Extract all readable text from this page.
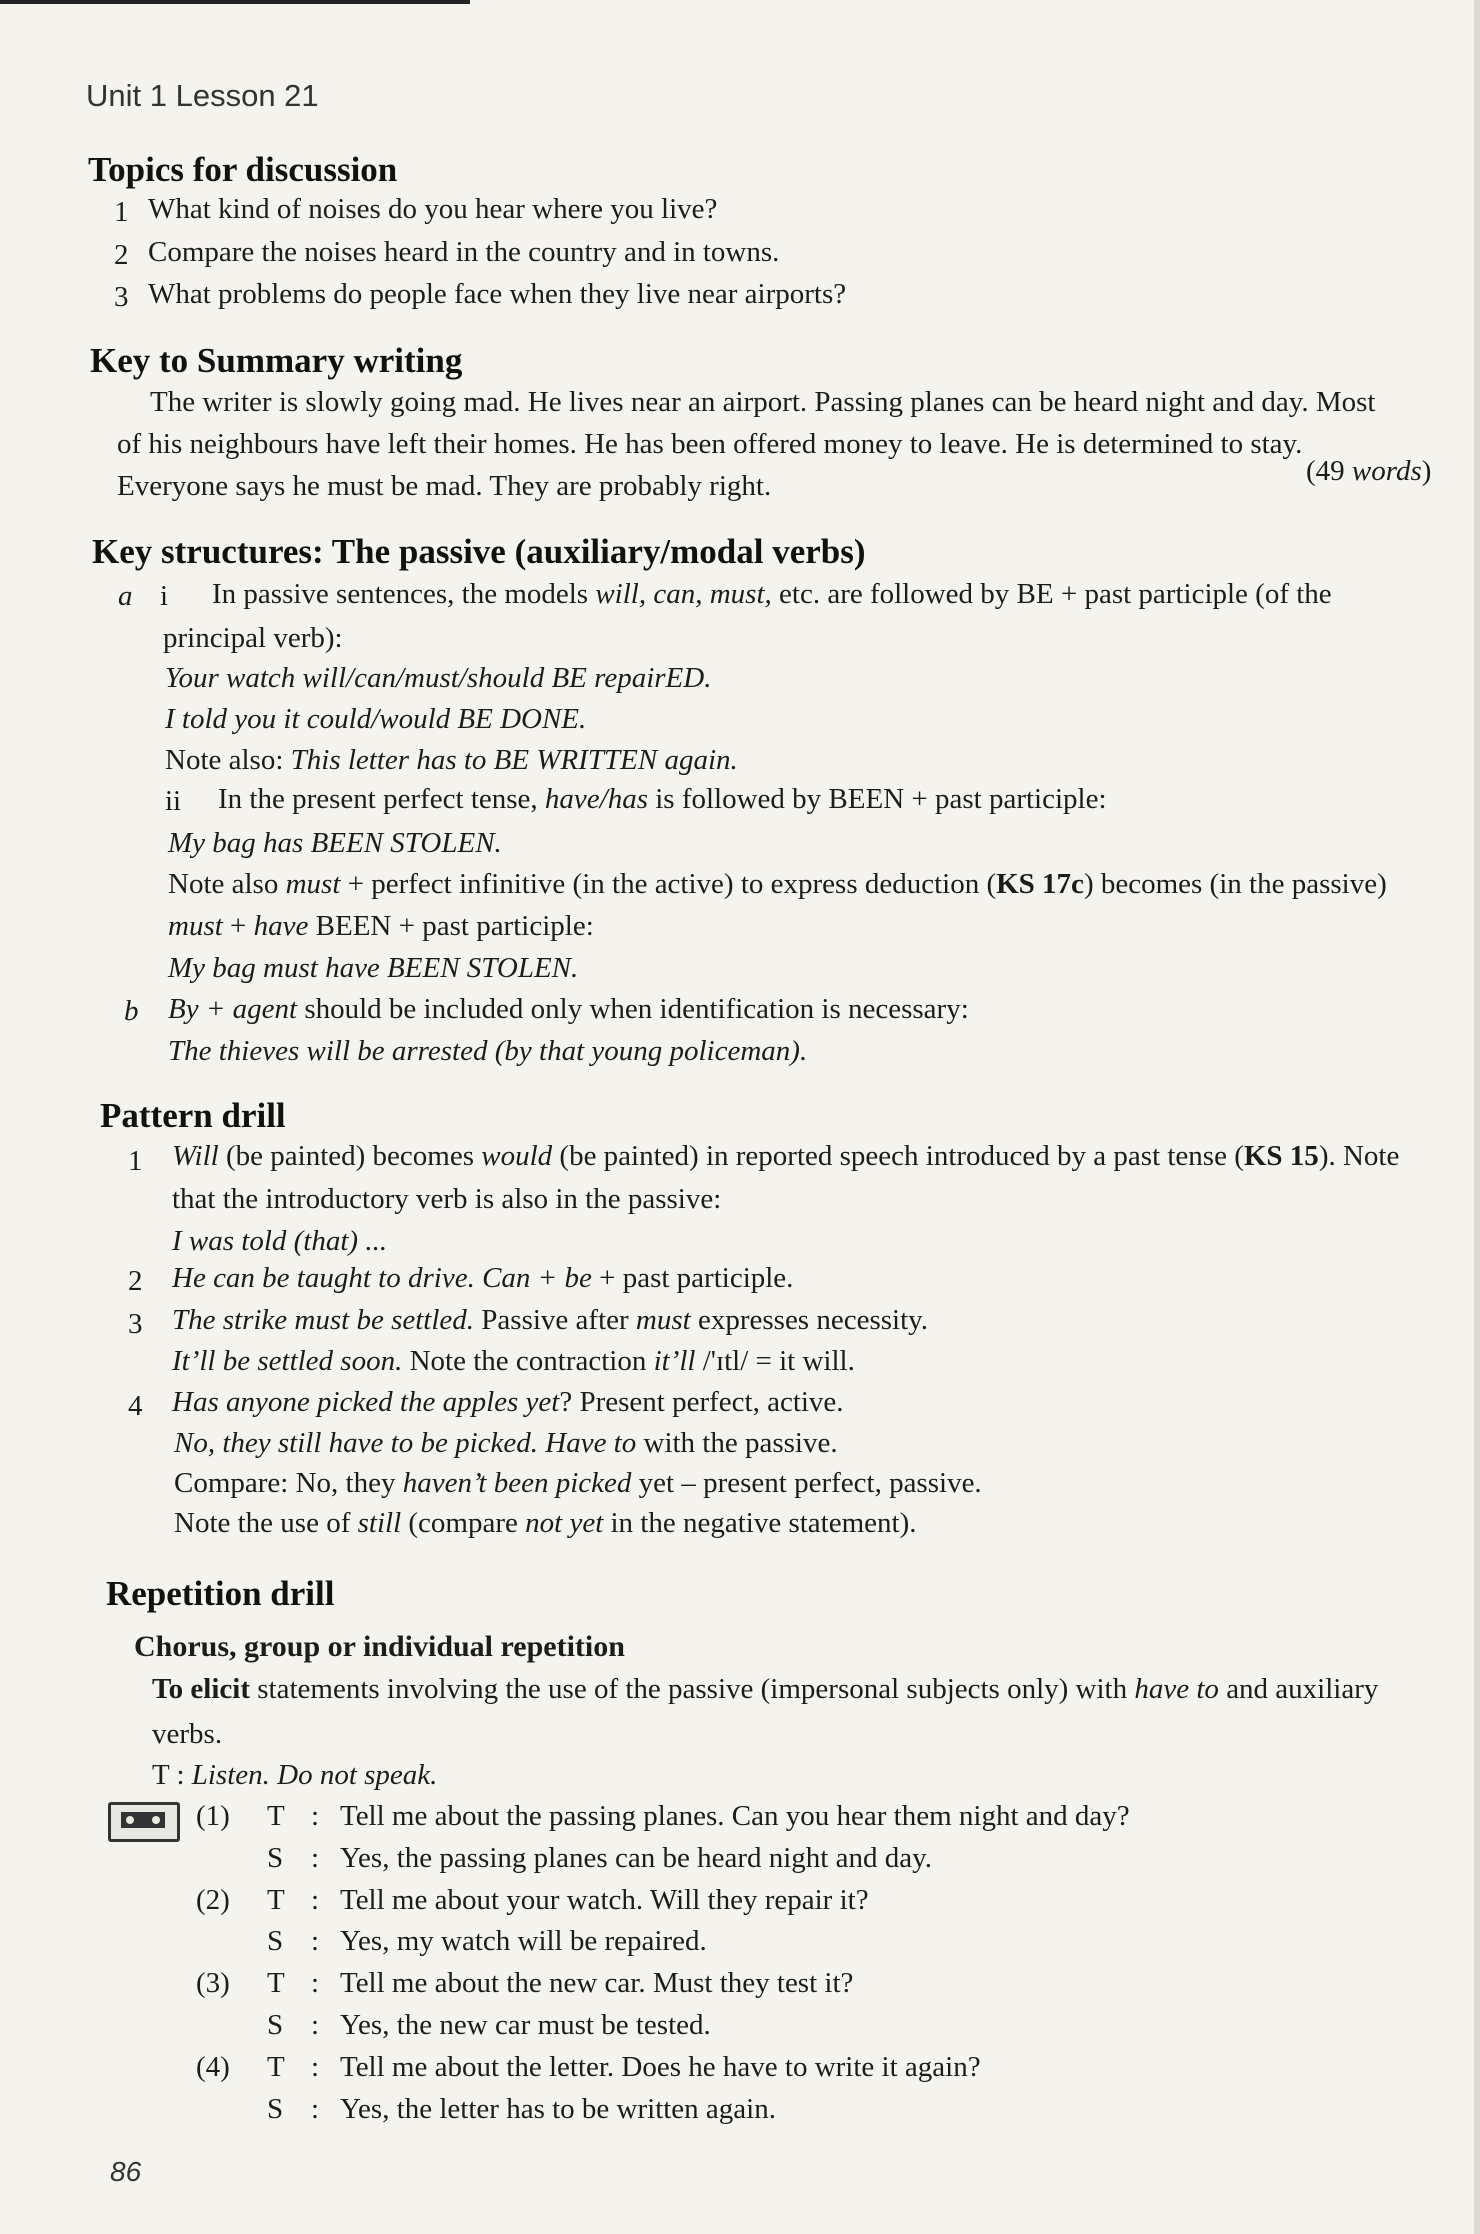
Unit 1 Lesson 21
Topics for discussion
1 What kind of noises do you hear where you live?
2 Compare the noises heard in the country and in towns.
3 What problems do people face when they live near airports?
Key to Summary writing
The writer is slowly going mad. He lives near an airport. Passing planes can be heard night and day. Most
of his neighbours have left their homes. He has been offered money to leave. He is determined to stay.
Everyone says he must be mad. They are probably right.	(49 words)
Key structures: The passive (auxiliary/modal verbs)
a i In passive sentences, the models will, can, must, etc. are followed by BE + past participle (of the
principal verb):
Your watch will/can/must/should BE repairED.
I told you it could/would BE DONE.
Note also: This letter has to BE WRITTEN again.
ii In the present perfect tense, have/has is followed by BEEN + past participle:
My bag has BEEN STOLEN.
Note also must + perfect infinitive (in the active) to express deduction (KS 17c) becomes (in the passive)
must + have BEEN + past participle:
My bag must have BEEN STOLEN.
b By + agent should be included only when identification is necessary:
The thieves will be arrested (by that young policeman).
Pattern drill
1 Will (be painted) becomes would (be painted) in reported speech introduced by a past tense (KS 15). Note
that the introductory verb is also in the passive:
I was told (that) ...
2 He can be taught to drive. Can + be + past participle.
3 The strike must be settled. Passive after must expresses necessity.
It’ll be settled soon. Note the contraction it’ll /'ɪtl/ = it will.
4 Has anyone picked the apples yet? Present perfect, active.
No, they still have to be picked. Have to with the passive.
Compare: No, they haven’t been picked yet – present perfect, passive.
Note the use of still (compare not yet in the negative statement).
Repetition drill
Chorus, group or individual repetition
To elicit statements involving the use of the passive (impersonal subjects only) with have to and auxiliary
verbs.
T : Listen. Do not speak.
(1) T : Tell me about the passing planes. Can you hear them night and day?
S : Yes, the passing planes can be heard night and day.
(2) T : Tell me about your watch. Will they repair it?
S : Yes, my watch will be repaired.
(3) T : Tell me about the new car. Must they test it?
S : Yes, the new car must be tested.
(4) T : Tell me about the letter. Does he have to write it again?
S : Yes, the letter has to be written again.
86
